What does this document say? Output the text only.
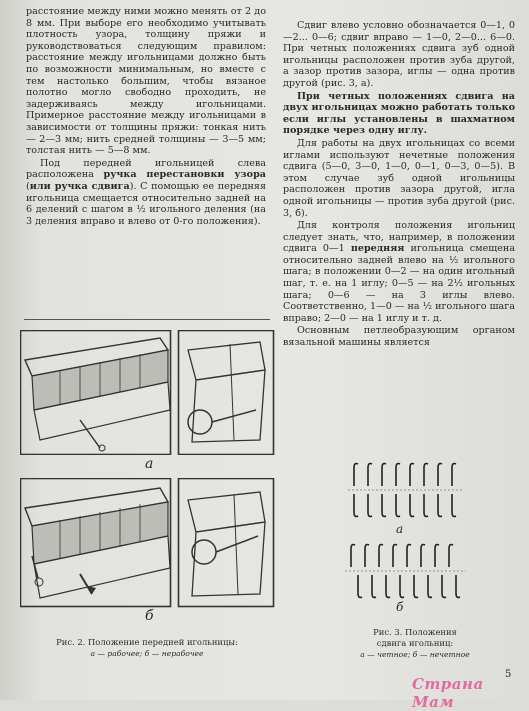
расстояние между ними можно менять от 2 до 8 мм. При выборе его необходимо учитывать плотность узора, толщину пряжи и руководствоваться следующим правилом: расстояние между игольницами должно быть по возможности минимальным, но вместе с тем настолько большим, чтобы вязаное полотно могло свободно проходить, не задерживаясь между игольницами. Примерное расстояние между игольницами в зависимости от толщины пряжи: тонкая нить — 2—3 мм; нить средней толщины — 3—5 мм; толстая нить — 5—8 мм.

Под передней игольницей слева расположена ручка перестановки узора (или ручка сдвига). С помощью ее передняя игольница смещается относительно задней на 6 делений с шагом в ½ игольного деления (на 3 деления вправо и влево от 0-го положения).

а
б
Рис. 2. Положение передней игольницы:
а — рабочее; б — нерабочее

Сдвиг влево условно обозначается 0—1, 0—2... 0—6; сдвиг вправо — 1—0, 2—0... 6—0. При четных положениях сдвига зуб одной игольницы расположен против зуба другой, а зазор против зазора, иглы — одна против другой (рис. 3, а).

При четных положениях сдвига на двух игольницах можно работать только если иглы установлены в шахматном порядке через одну иглу.

Для работы на двух игольницах со всеми иглами используют нечетные положения сдвига (5—0, 3—0, 1—0, 0—1, 0—3, 0—5). В этом случае зуб одной игольницы расположен против зазора другой, игла одной игольницы — против зуба другой (рис. 3, б).

Для контроля положения игольниц следует знать, что, например, в положении сдвига 0—1 передняя игольница смещена относительно задней влево на ½ игольного шага; в положении 0—2 — на один игольный шаг, т. е. на 1 иглу; 0—5 — на 2½ игольных шага; 0—6 — на 3 иглы влево. Соответственно, 1—0 — на ½ игольного шага вправо; 2—0 — на 1 иглу и т. д.

Основным петлеобразующим органом вязальной машины является

а
б
Рис. 3. Положения
сдвига игольниц:
а — четное; б — нечетное
5
Страна Мам
